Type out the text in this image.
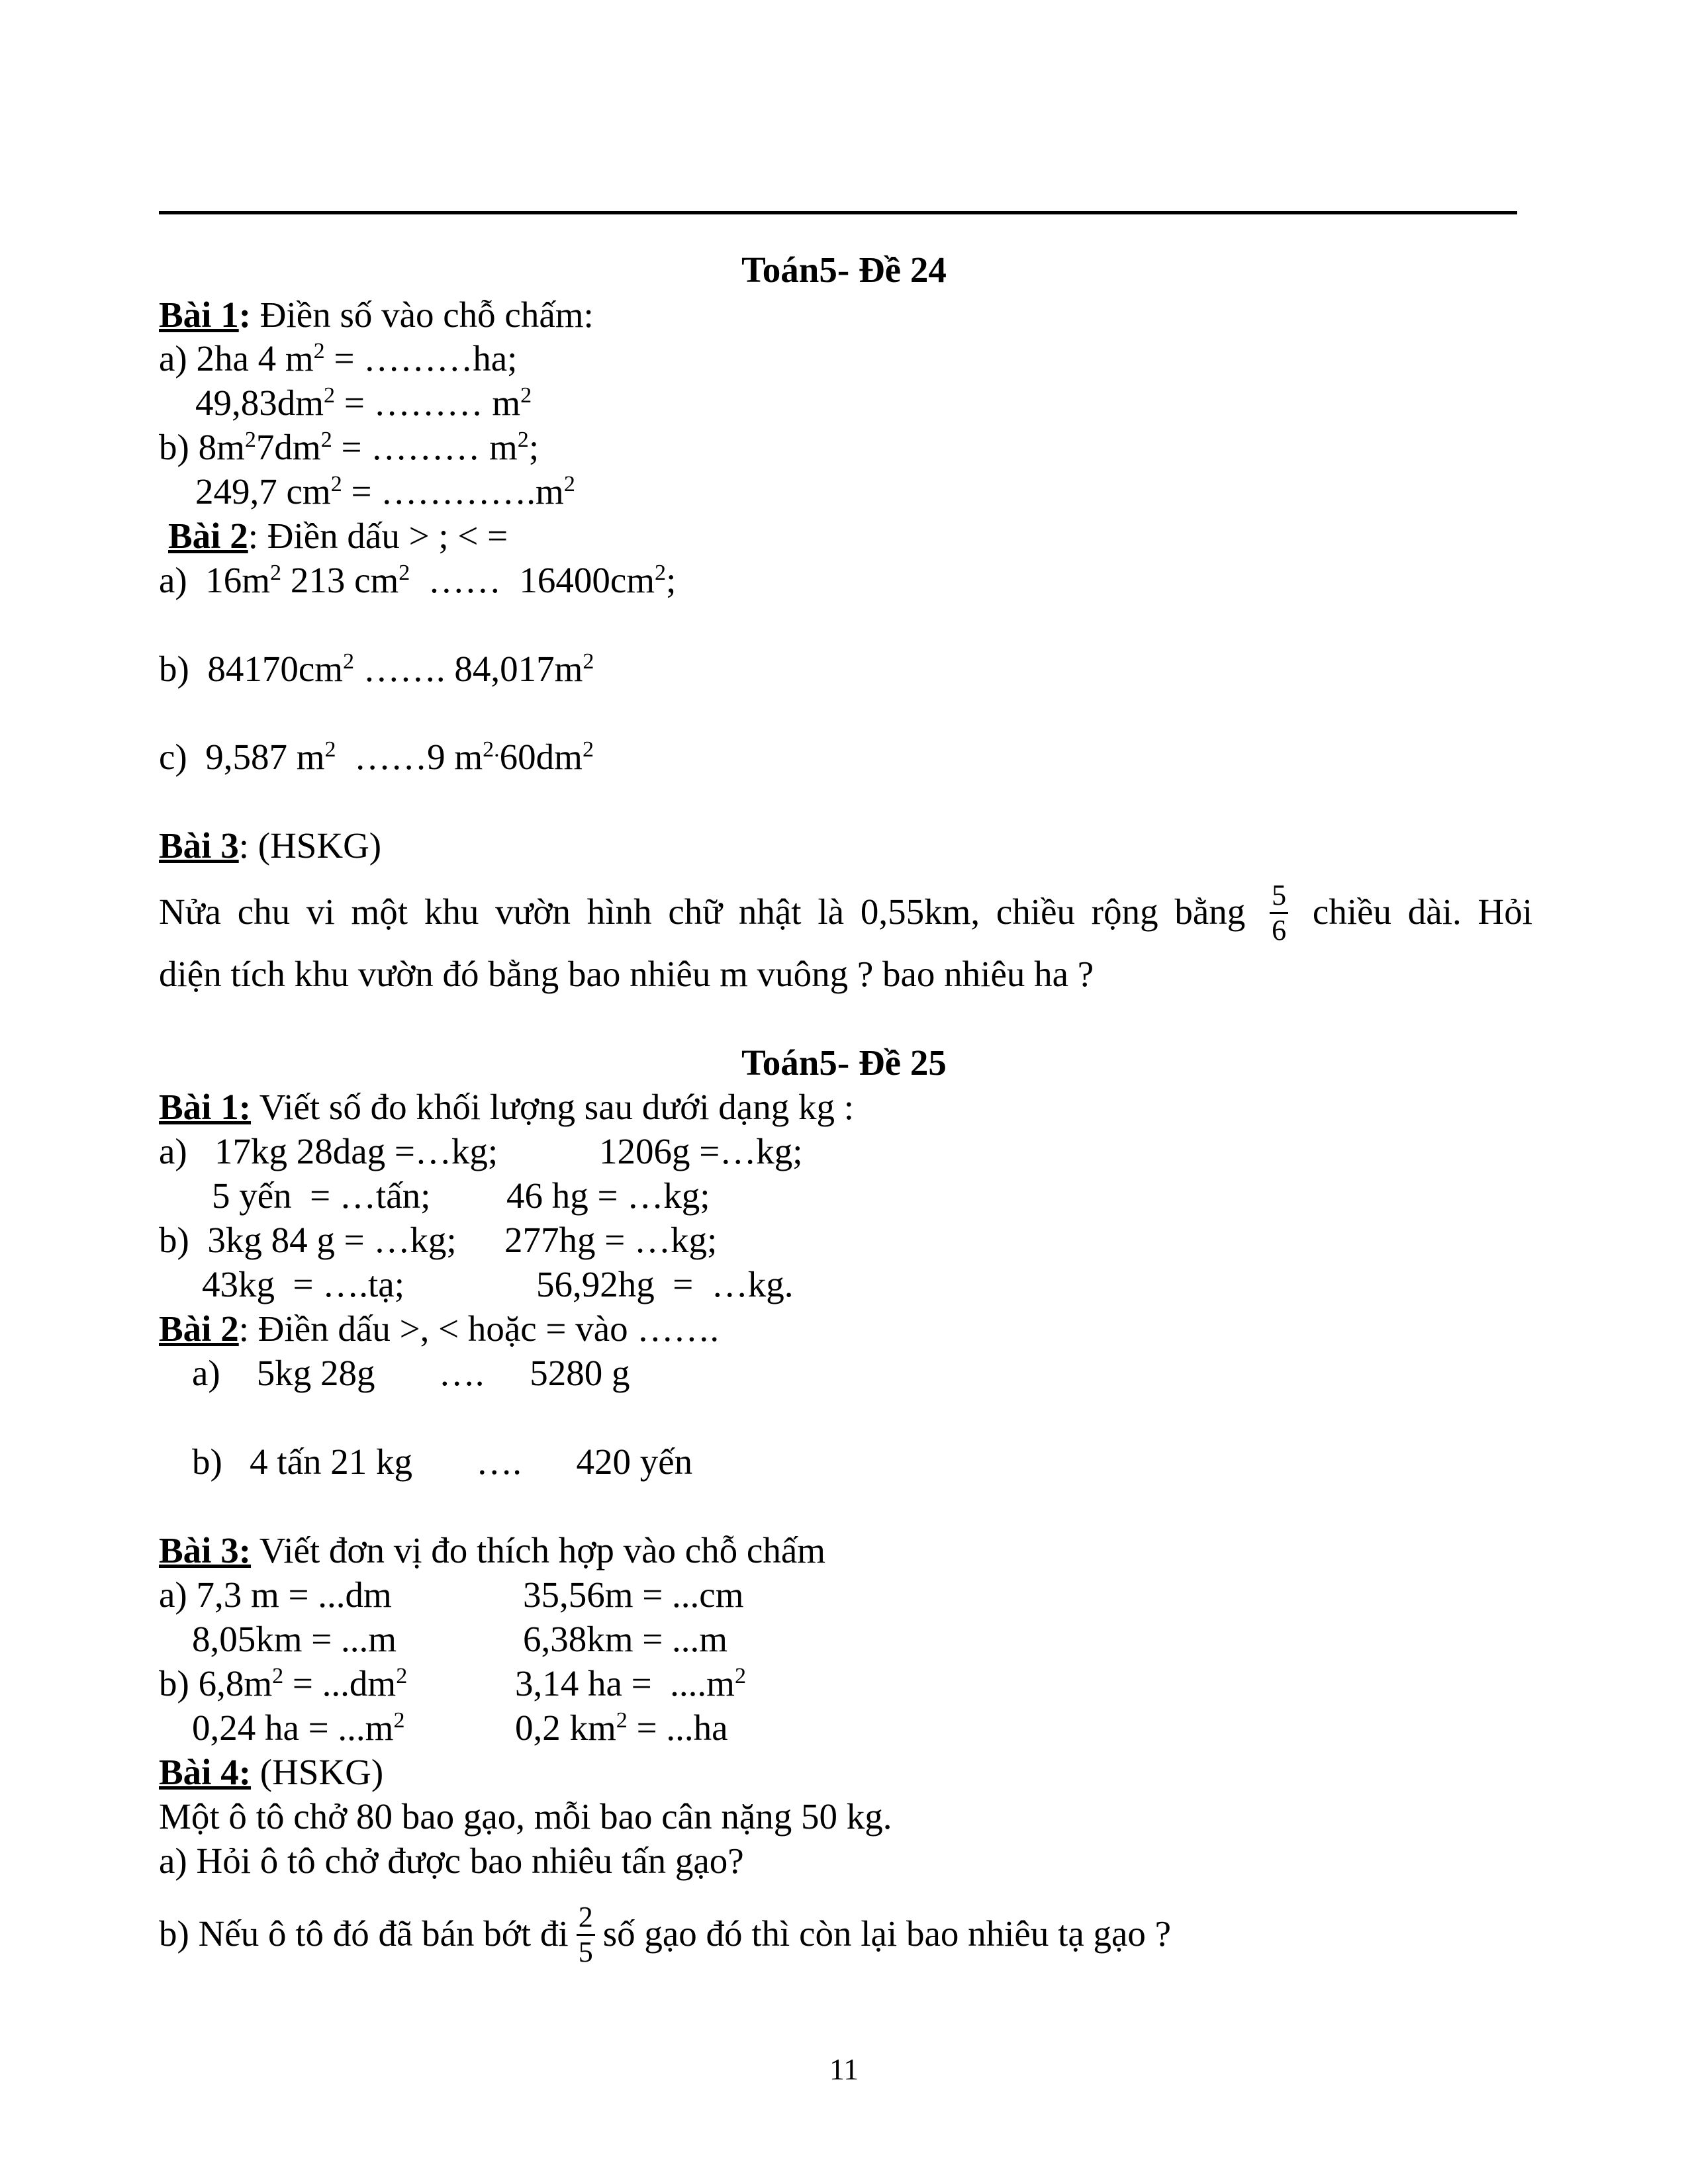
Toán5- Đề 24
Bài 1: Điền số vào chỗ chấm:
a) 2ha 4 $m^2$ = ………ha;
$49,83dm^2$ = ……… $m^2$
b) $8m^27dm^2$ = ……… $m^2$;
249,7 $cm^2$ = $\dots\dots\dots\dots.m^2$
Bài 2: Điền dấu > ; < =
a)  $16m^2$ 213 $cm^2$  ……  $16400cm^2$;
b)  $84170cm^2$ ……. $84,017m^2$
c)  9,587 $m^2$  ……9 $m^{2.}60dm^2$
Bài 3: (HSKG)
Nửa chu vi một khu vườn hình chữ nhật là 0,55km, chiều rộng bằng $\frac{5}{6}$ chiều dài. Hỏi
diện tích khu vườn đó bằng bao nhiêu m vuông ? bao nhiêu ha ?
Toán5- Đề 25
Bài 1: Viết số đo khối lượng sau dưới dạng kg :
a)   17kg 28dag =…kg;	1206g =…kg;
5 yến  = …tấn; 46 hg = …kg;
b)  3kg 84 g = …kg; 277hg = …kg;
43kg  = ….tạ;	56,92hg  =  …kg.
Bài 2: Điền dấu >, < hoặc = vào …….
a)    5kg 28g       ….     5280 g
b)   4 tấn 21 kg       ….      420 yến
Bài 3: Viết đơn vị đo thích hợp vào chỗ chấm
a) 7,3 m = ...dm	35,56m = ...cm
8,05km = ...m	6,38km = ...m
b) $6,8m^2 = ...dm^2$	3,14 ha =  $....m^2$
0,24 ha = $...m^2$	0,2 $km^2 = ...ha$
Bài 4: (HSKG)
Một ô tô chở 80 bao gạo, mỗi bao cân nặng 50 kg.
a) Hỏi ô tô chở được bao nhiêu tấn gạo?
b) Nếu ô tô đó đã bán bớt đi $\frac{2}{5}$ số gạo đó thì còn lại bao nhiêu tạ gạo ?
11
